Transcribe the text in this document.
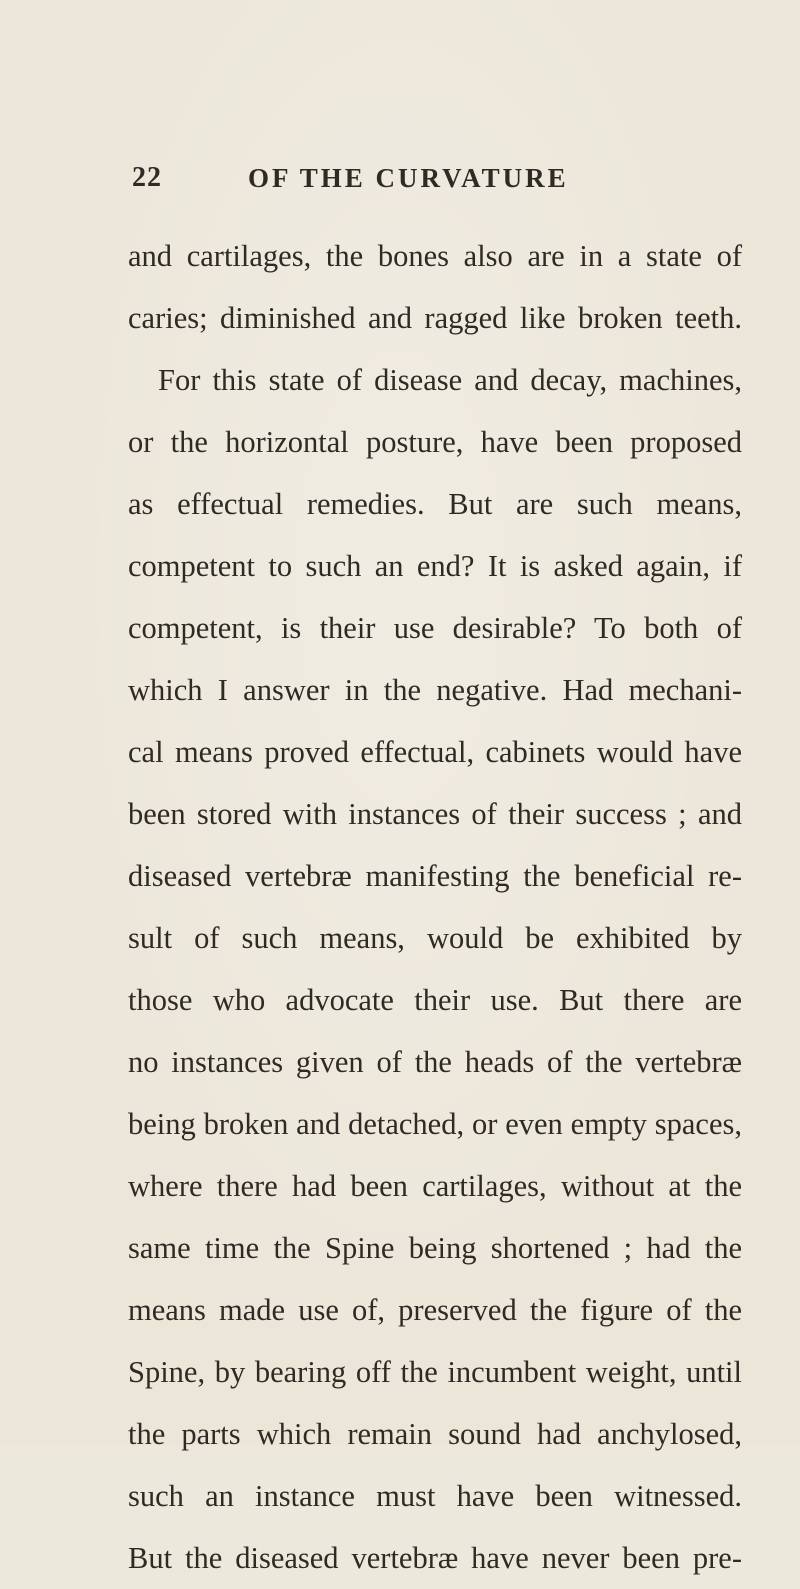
22	OF THE CURVATURE
and cartilages, the bones also are in a state of
caries; diminished and ragged like broken teeth.
For this state of disease and decay, machines,
or the horizontal posture, have been proposed
as effectual remedies. But are such means,
competent to such an end? It is asked again, if
competent, is their use desirable? To both of
which I answer in the negative. Had mechani-
cal means proved effectual, cabinets would have
been stored with instances of their success ; and
diseased vertebræ manifesting the beneficial re-
sult of such means, would be exhibited by
those who advocate their use. But there are
no instances given of the heads of the vertebræ
being broken and detached, or even empty spaces,
where there had been cartilages, without at the
same time the Spine being shortened ; had the
means made use of, preserved the figure of the
Spine, by bearing off the incumbent weight, until
the parts which remain sound had anchylosed,
such an instance must have been witnessed.
But the diseased vertebræ have never been pre-
